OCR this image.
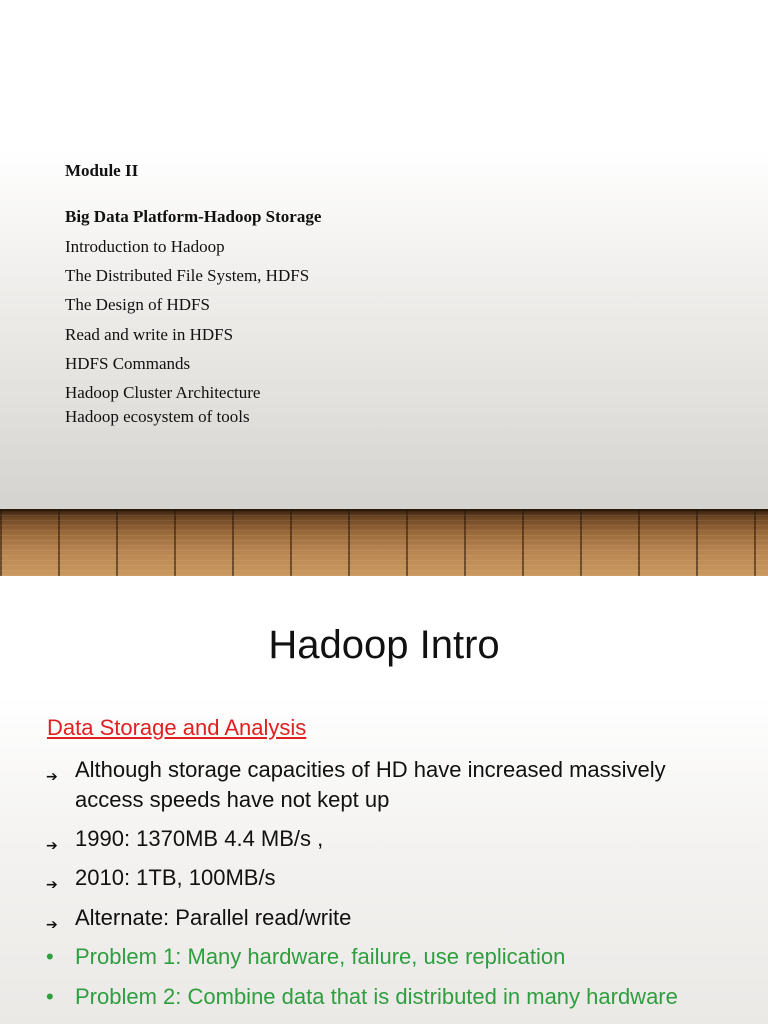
Module II
Big Data Platform-Hadoop Storage
Introduction to Hadoop
The Distributed File System, HDFS
The Design of HDFS
Read and write in HDFS
HDFS Commands
Hadoop Cluster Architecture
Hadoop ecosystem of tools
Hadoop Intro
Data Storage and Analysis
➔ Although storage capacities of HD have increased massively access speeds have not kept up
➔ 1990: 1370MB 4.4 MB/s ,
➔ 2010: 1TB, 100MB/s
➔ Alternate: Parallel read/write
• Problem 1: Many hardware, failure, use replication
• Problem 2: Combine data that is distributed in many hardware
